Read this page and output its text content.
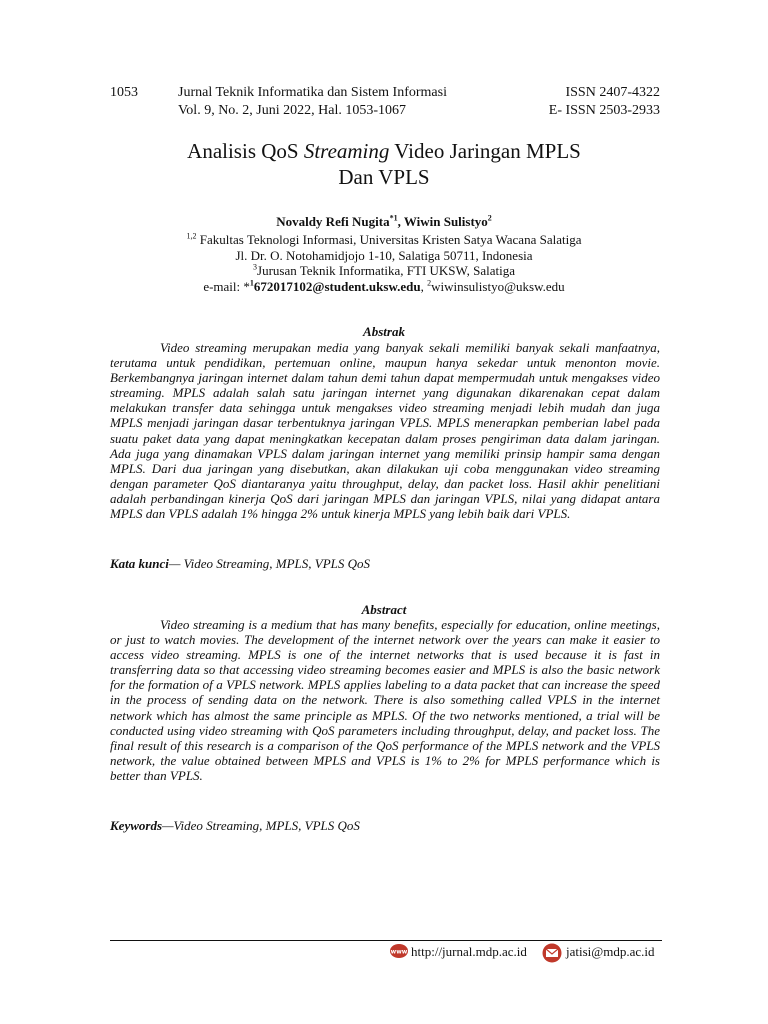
1053	Jurnal Teknik Informatika dan Sistem Informasi
Vol. 9, No. 2, Juni 2022, Hal. 1053-1067
ISSN 2407-4322
E- ISSN 2503-2933
Analisis QoS Streaming Video Jaringan MPLS
Dan VPLS
Novaldy Refi Nugita$^{*1}$, Wiwin Sulistyo$^2$
$^{1,2}$ Fakultas Teknologi Informasi, Universitas Kristen Satya Wacana Salatiga
Jl. Dr. O. Notohamidjojo 1-10, Salatiga 50711, Indonesia
$^3$Jurusan Teknik Informatika, FTI UKSW, Salatiga
e-mail: *$^1$672017102@student.uksw.edu, $^2$wiwinsulistyo@uksw.edu
Abstrak

Video streaming merupakan media yang banyak sekali memiliki banyak sekali manfaatnya, terutama untuk pendidikan, pertemuan online, maupun hanya sekedar untuk menonton movie. Berkembangnya jaringan internet dalam tahun demi tahun dapat mempermudah untuk mengakses video streaming. MPLS adalah salah satu jaringan internet yang digunakan dikarenakan cepat dalam melakukan transfer data sehingga untuk mengakses video streaming menjadi lebih mudah dan juga MPLS menjadi jaringan dasar terbentuknya jaringan VPLS. MPLS menerapkan pemberian label pada suatu paket data yang dapat meningkatkan kecepatan dalam proses pengiriman data dalam jaringan. Ada juga yang dinamakan VPLS dalam jaringan internet yang memiliki prinsip hampir sama dengan MPLS. Dari dua jaringan yang disebutkan, akan dilakukan uji coba menggunakan video streaming dengan parameter QoS diantaranya yaitu throughput, delay, dan packet loss. Hasil akhir penelitiani adalah perbandingan kinerja QoS dari jaringan MPLS dan jaringan VPLS, nilai yang didapat antara MPLS dan VPLS adalah 1% hingga 2% untuk kinerja MPLS yang lebih baik dari VPLS.

Kata kunci— Video Streaming, MPLS, VPLS QoS
Abstract

Video streaming is a medium that has many benefits, especially for education, online meetings, or just to watch movies. The development of the internet network over the years can make it easier to access video streaming. MPLS is one of the internet networks that is used because it is fast in transferring data so that accessing video streaming becomes easier and MPLS is also the basic network for the formation of a VPLS network. MPLS applies labeling to a data packet that can increase the speed in the process of sending data on the network. There is also something called VPLS in the internet network which has almost the same principle as MPLS. Of the two networks mentioned, a trial will be conducted using video streaming with QoS parameters including throughput, delay, and packet loss. The final result of this research is a comparison of the QoS performance of the MPLS network and the VPLS network, the value obtained between MPLS and VPLS is 1% to 2% for MPLS performance which is better than VPLS.

Keywords—Video Streaming, MPLS, VPLS QoS
www http://jurnal.mdp.ac.id	jatisi@mdp.ac.id
